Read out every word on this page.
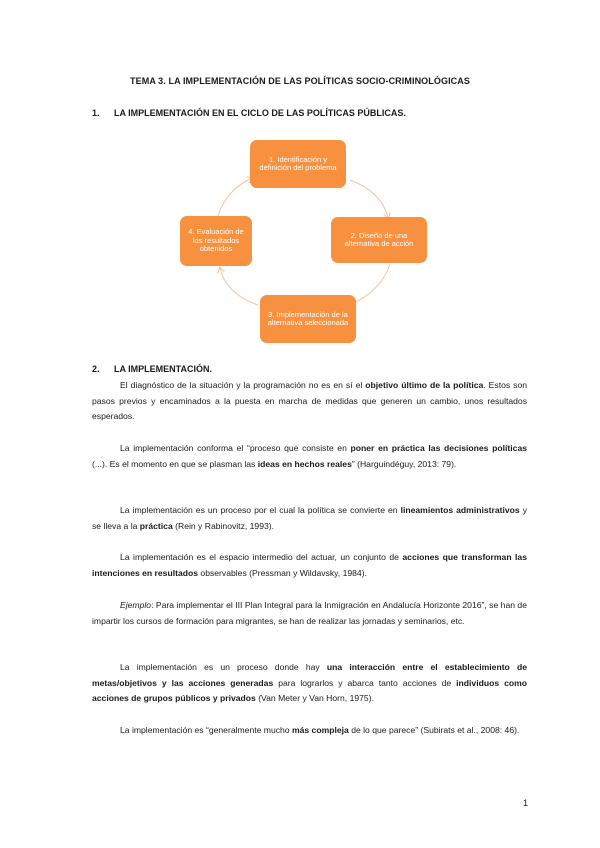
TEMA 3. LA IMPLEMENTACIÓN DE LAS POLÍTICAS SOCIO-CRIMINOLÓGICAS
1. LA IMPLEMENTACIÓN EN EL CICLO DE LAS POLÍTICAS PÚBLICAS.
1. Identificación y definición del problema
2. Diseño de una alternativa de acción
3. Implementación de la alternativa seleccionada
4. Evaluación de los resultados obtenidos
2. LA IMPLEMENTACIÓN.
El diagnóstico de la situación y la programación no es en sí el objetivo último de la política. Estos son pasos previos y encaminados a la puesta en marcha de medidas que generen un cambio, unos resultados esperados.
La implementación conforma el “proceso que consiste en poner en práctica las decisiones políticas (...). Es el momento en que se plasman las ideas en hechos reales” (Harguindéguy, 2013: 79).
La implementación es un proceso por el cual la política se convierte en lineamientos administrativos y se lleva a la práctica (Rein y Rabinovitz, 1993).
La implementación es el espacio intermedio del actuar, un conjunto de acciones que transforman las intenciones en resultados observables (Pressman y Wildavsky, 1984).
Ejemplo: Para implementar el III Plan Integral para la Inmigración en Andalucía Horizonte 2016”, se han de impartir los cursos de formación para migrantes, se han de realizar las jornadas y seminarios, etc.
La implementación es un proceso donde hay una interacción entre el establecimiento de metas/objetivos y las acciones generadas para lograrlos y abarca tanto acciones de individuos como acciones de grupos públicos y privados (Van Meter y Van Horn, 1975).
La implementación es “generalmente mucho más compleja de lo que parece” (Subirats et al., 2008: 46).
1
